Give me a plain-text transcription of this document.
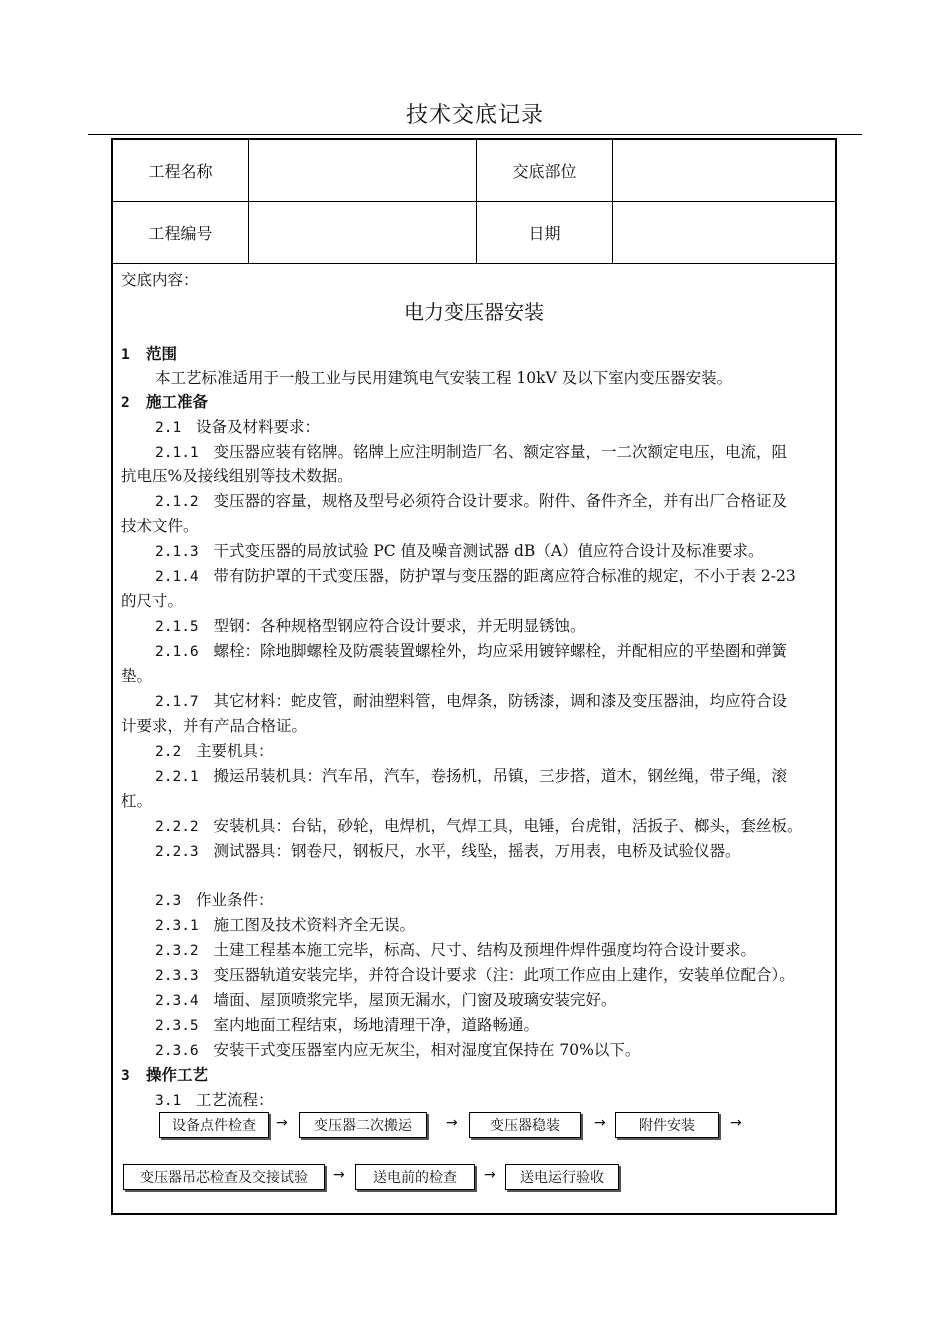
技术交底记录
工程名称	交底部位
工程编号	日期
交底内容：
电力变压器安装
1 范围
本工艺标准适用于一般工业与民用建筑电气安装工程 10kV 及以下室内变压器安装。
2 施工准备
2.1 设备及材料要求：
2.1.1 变压器应装有铭牌。铭牌上应注明制造厂名、额定容量，一二次额定电压，电流，阻
抗电压%及接线组别等技术数据。
2.1.2 变压器的容量，规格及型号必须符合设计要求。附件、备件齐全，并有出厂合格证及
技术文件。
2.1.3 干式变压器的局放试验 PC 值及噪音测试器 dB（A）值应符合设计及标准要求。
2.1.4 带有防护罩的干式变压器，防护罩与变压器的距离应符合标准的规定，不小于表 2-23
的尺寸。
2.1.5 型钢：各种规格型钢应符合设计要求，并无明显锈蚀。
2.1.6 螺栓：除地脚螺栓及防震装置螺栓外，均应采用镀锌螺栓，并配相应的平垫圈和弹簧
垫。
2.1.7 其它材料：蛇皮管，耐油塑料管，电焊条，防锈漆，调和漆及变压器油，均应符合设
计要求，并有产品合格证。
2.2 主要机具：
2.2.1 搬运吊装机具：汽车吊，汽车，卷扬机，吊镇，三步搭，道木，钢丝绳，带子绳，滚
杠。
2.2.2 安装机具：台钻，砂轮，电焊机，气焊工具，电锤，台虎钳，活扳子、榔头，套丝板。
2.2.3 测试器具：钢卷尺，钢板尺，水平，线坠，摇表，万用表，电桥及试验仪器。
2.3 作业条件：
2.3.1 施工图及技术资料齐全无误。
2.3.2 土建工程基本施工完毕，标高、尺寸、结构及预埋件焊件强度均符合设计要求。
2.3.3 变压器轨道安装完毕，并符合设计要求（注：此项工作应由上建作，安装单位配合）。
2.3.4 墙面、屋顶喷浆完毕，屋顶无漏水，门窗及玻璃安装完好。
2.3.5 室内地面工程结束，场地清理干净，道路畅通。
2.3.6 安装干式变压器室内应无灰尘，相对湿度宜保持在 70%以下。
3 操作工艺
3.1 工艺流程：
设备点件检查	→	变压器二次搬运	→	变压器稳装	→	附件安装	→
变压器吊芯检查及交接试验	→	送电前的检查	→	送电运行验收
